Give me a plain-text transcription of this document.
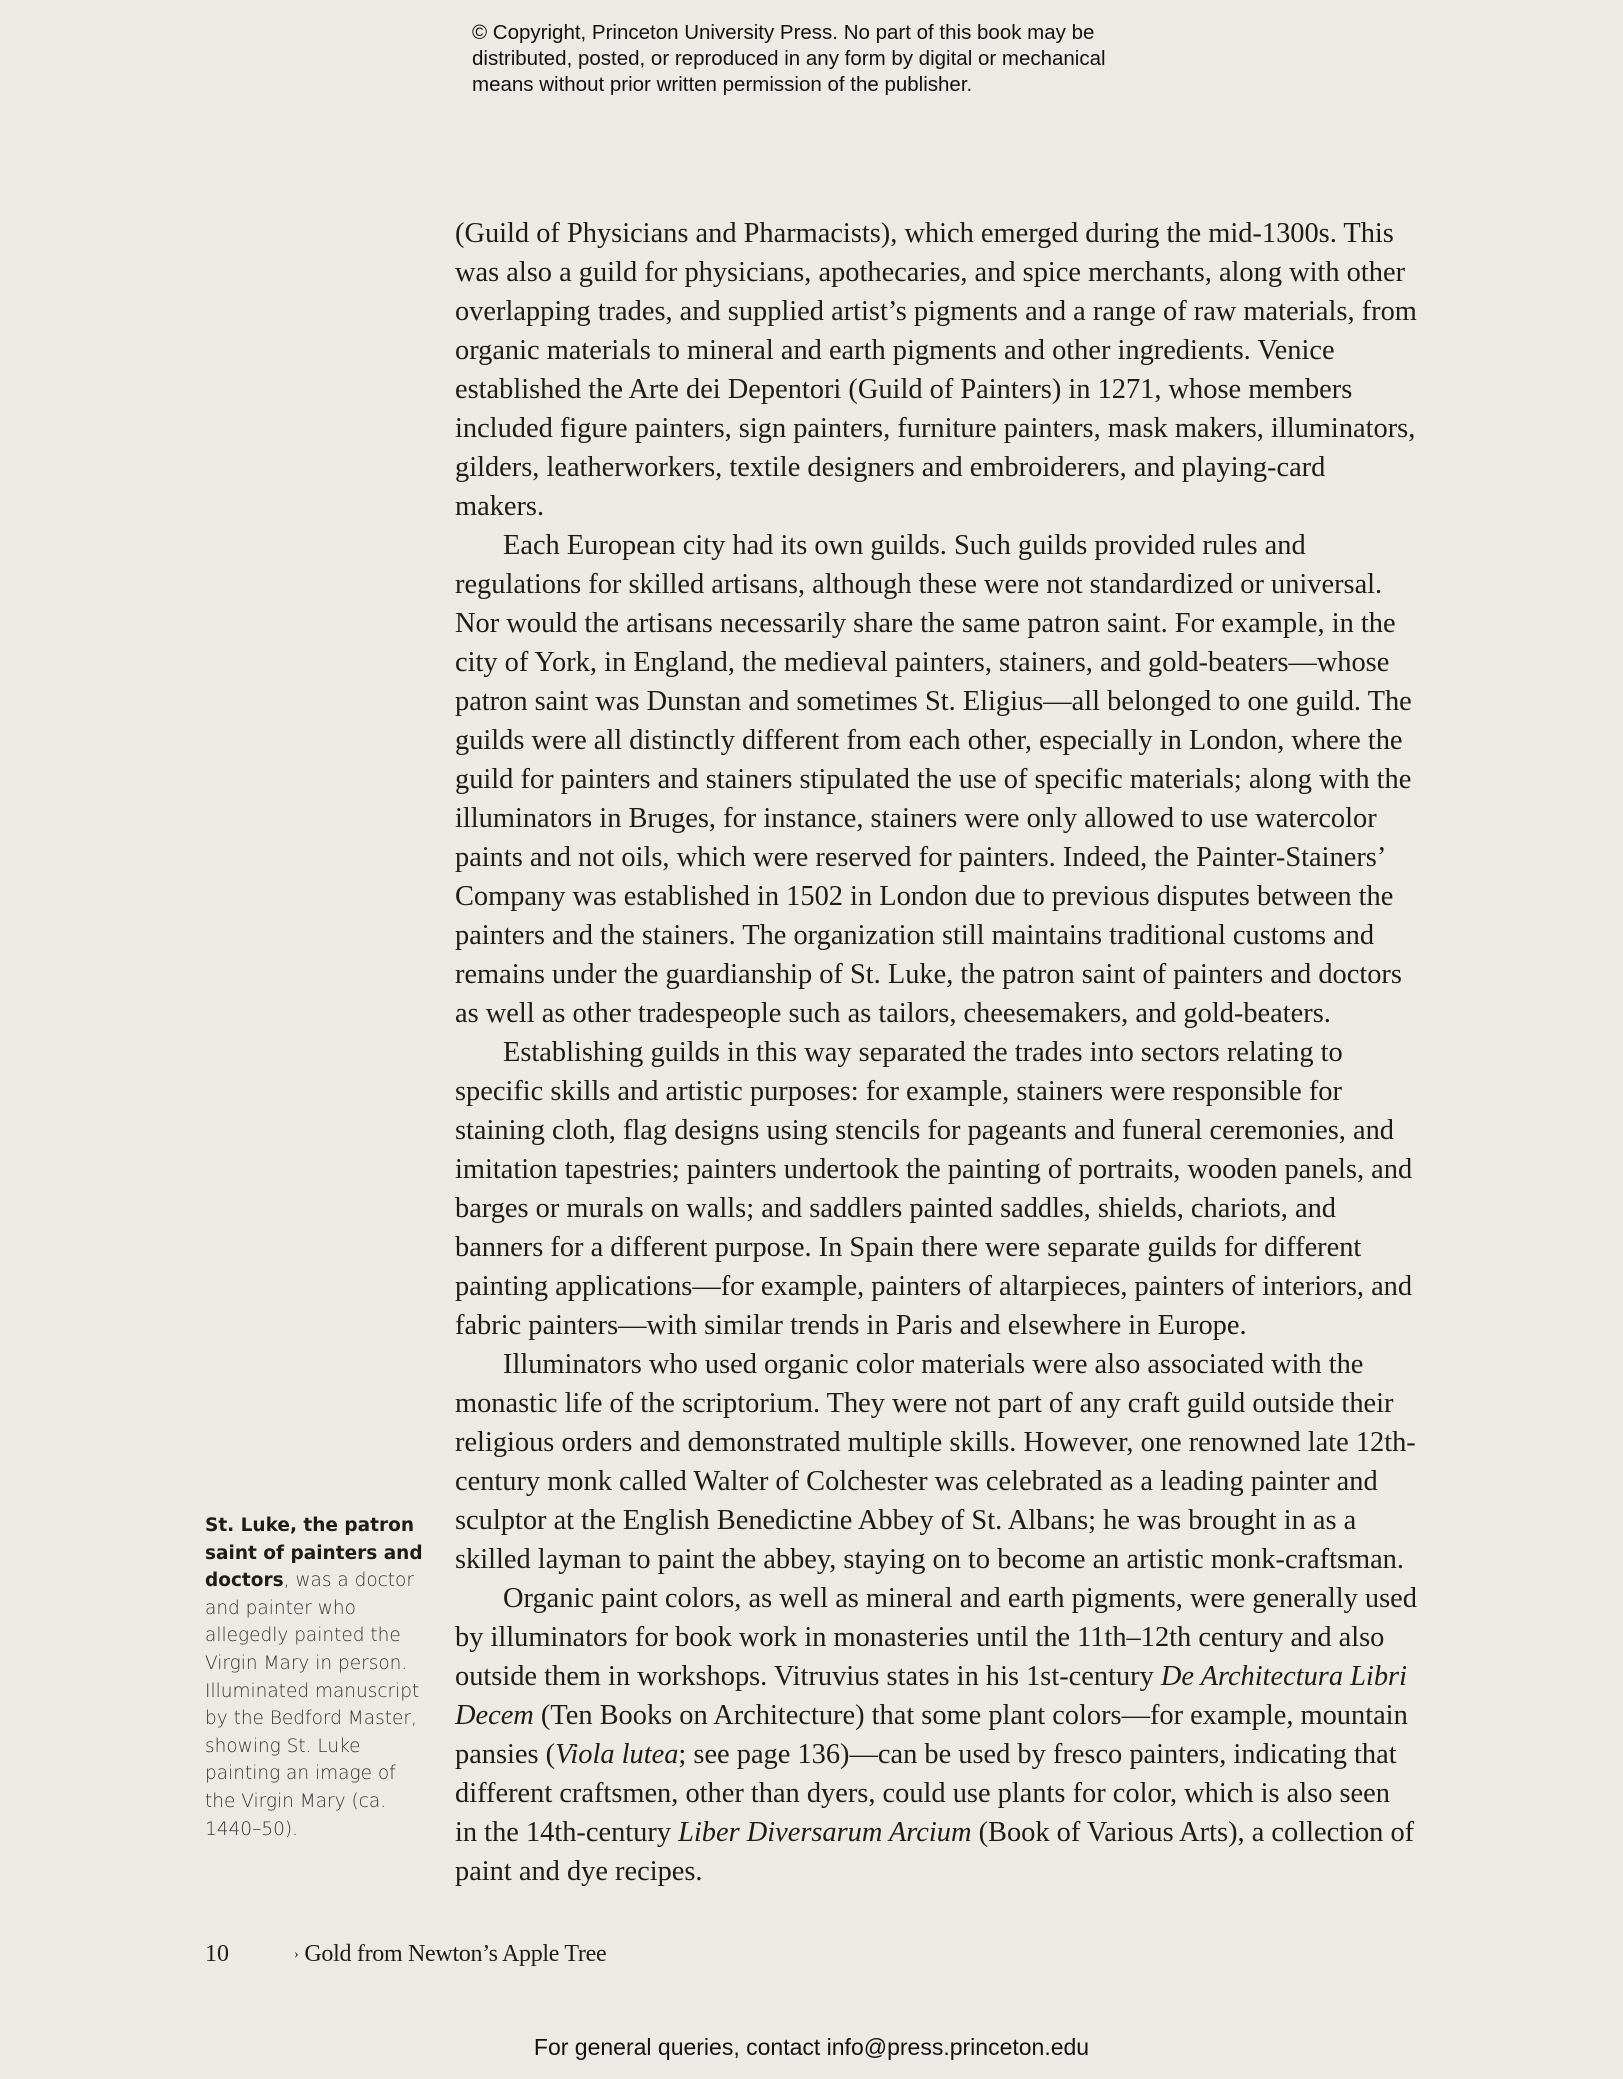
© Copyright, Princeton University Press. No part of this book may be
distributed, posted, or reproduced in any form by digital or mechanical
means without prior written permission of the publisher.

(Guild of Physicians and Pharmacists), which emerged during the mid-1300s. This was also a guild for physicians, apothecaries, and spice merchants, along with other overlapping trades, and supplied artist’s pigments and a range of raw materials, from organic materials to mineral and earth pigments and other ingredients. Venice established the Arte dei Depentori (Guild of Painters) in 1271, whose members included figure painters, sign painters, furniture painters, mask makers, illuminators, gilders, leatherworkers, textile designers and embroiderers, and playing-card makers.

Each European city had its own guilds. Such guilds provided rules and regulations for skilled artisans, although these were not standardized or universal. Nor would the artisans necessarily share the same patron saint. For example, in the city of York, in England, the medieval painters, stainers, and gold-beaters—whose patron saint was Dunstan and sometimes St. Eligius—all belonged to one guild. The guilds were all distinctly different from each other, especially in London, where the guild for painters and stainers stipulated the use of specific materials; along with the illuminators in Bruges, for instance, stainers were only allowed to use watercolor paints and not oils, which were reserved for painters. Indeed, the Painter-Stainers’ Company was established in 1502 in London due to previous disputes between the painters and the stainers. The organization still maintains traditional customs and remains under the guardianship of St. Luke, the patron saint of painters and doctors as well as other tradespeople such as tailors, cheesemakers, and gold-beaters.

Establishing guilds in this way separated the trades into sectors relating to specific skills and artistic purposes: for example, stainers were responsible for staining cloth, flag designs using stencils for pageants and funeral ceremonies, and imitation tapestries; painters undertook the painting of portraits, wooden panels, and barges or murals on walls; and saddlers painted saddles, shields, chariots, and banners for a different purpose. In Spain there were separate guilds for different painting applications—for example, painters of altarpieces, painters of interiors, and fabric painters—with similar trends in Paris and elsewhere in Europe.

Illuminators who used organic color materials were also associated with the monastic life of the scriptorium. They were not part of any craft guild outside their religious orders and demonstrated multiple skills. However, one renowned late 12th-century monk called Walter of Colchester was celebrated as a leading painter and sculptor at the English Benedictine Abbey of St. Albans; he was brought in as a skilled layman to paint the abbey, staying on to become an artistic monk-craftsman.

Organic paint colors, as well as mineral and earth pigments, were generally used by illuminators for book work in monasteries until the 11th–12th century and also outside them in workshops. Vitruvius states in his 1st-century De Architectura Libri Decem (Ten Books on Architecture) that some plant colors—for example, mountain pansies (Viola lutea; see page 136)—can be used by fresco painters, indicating that different craftsmen, other than dyers, could use plants for color, which is also seen in the 14th-century Liber Diversarum Arcium (Book of Various Arts), a collection of paint and dye recipes.

St. Luke, the patron saint of painters and doctors, was a doctor and painter who allegedly painted the Virgin Mary in person. Illuminated manuscript by the Bedford Master, showing St. Luke painting an image of the Virgin Mary (ca. 1440–50).
10	› Gold from Newton’s Apple Tree
For general queries, contact info@press.princeton.edu
